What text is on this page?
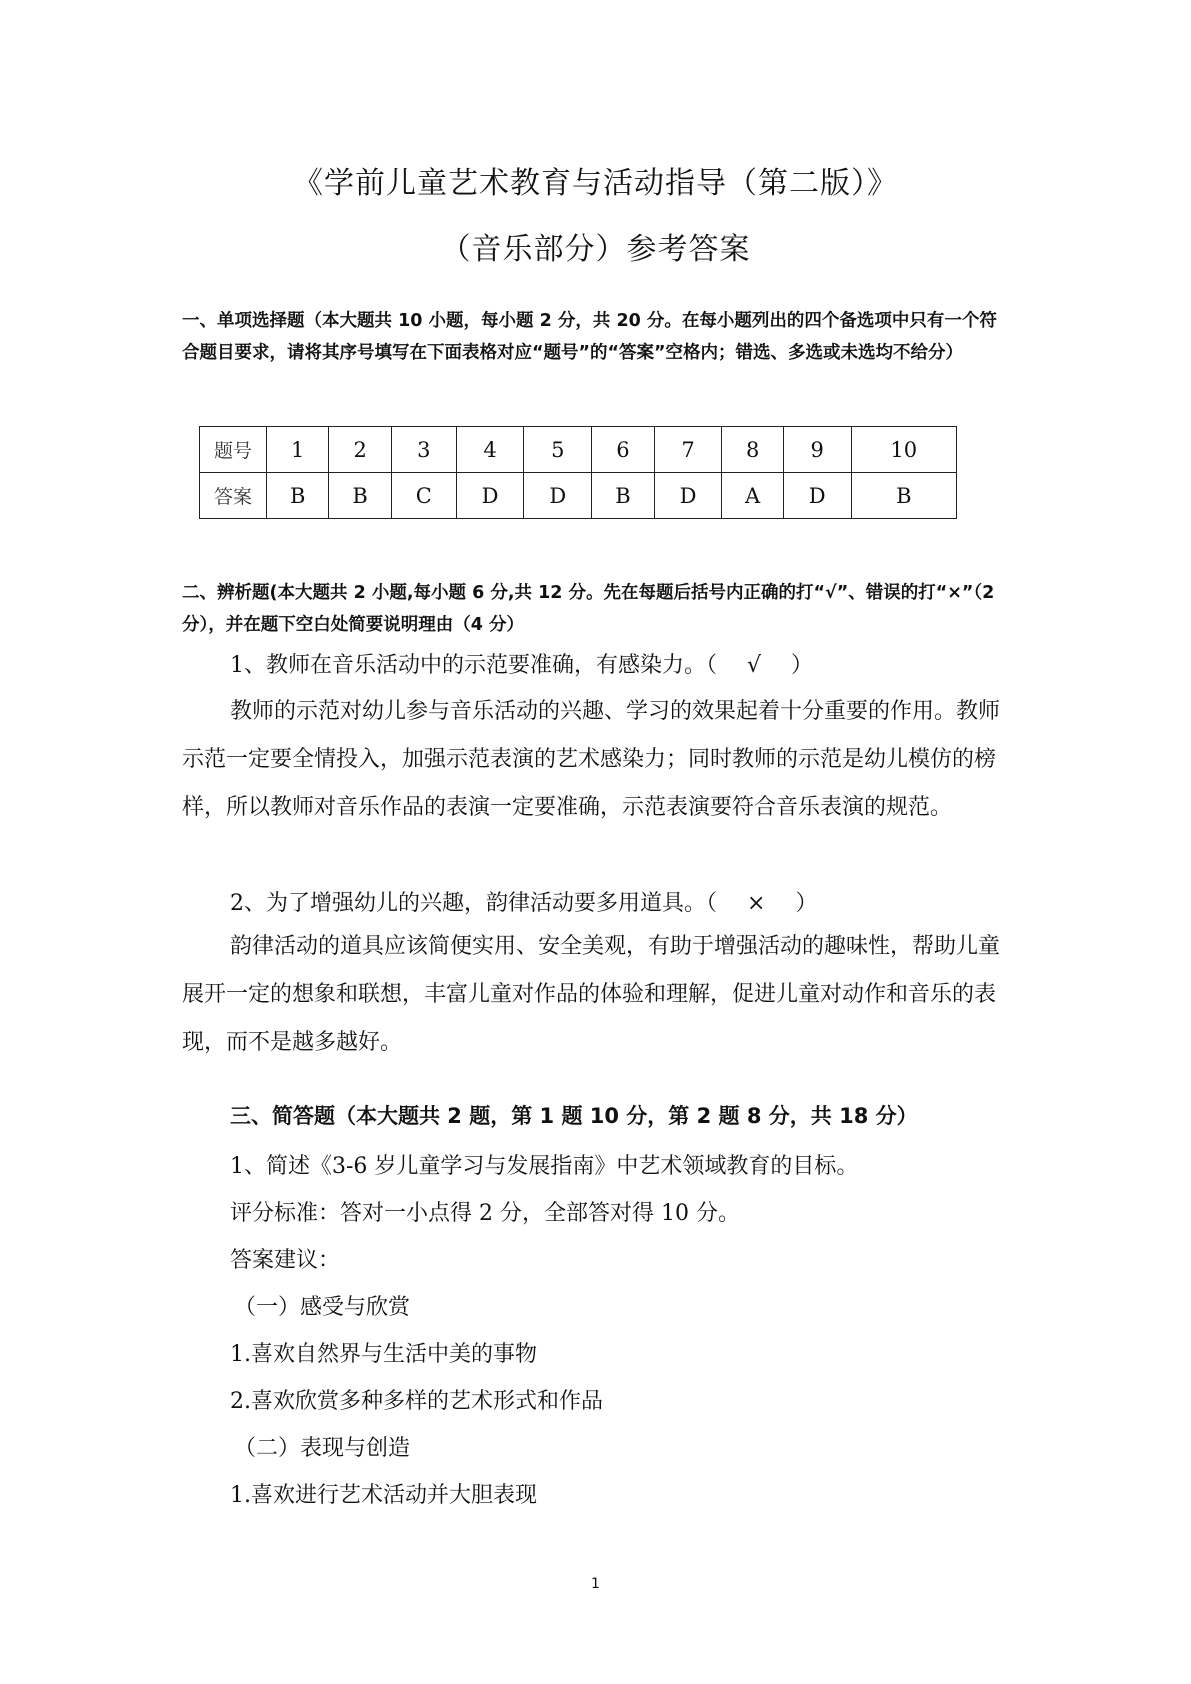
《学前儿童艺术教育与活动指导（第二版）》
（音乐部分）参考答案
一、单项选择题（本大题共 10 小题，每小题 2 分，共 20 分。在每小题列出的四个备选项中只有一个符合题目要求，请将其序号填写在下面表格对应“题号”的“答案”空格内；错选、多选或未选均不给分）
题号	1	2	3	4	5	6	7	8	9	10
答案	B	B	C	D	D	B	D	A	D	B
二、辨析题(本大题共 2 小题,每小题 6 分,共 12 分。先在每题后括号内正确的打“√”、错误的打“×”（2 分），并在题下空白处简要说明理由（4 分）
1、教师在音乐活动中的示范要准确，有感染力。（ √ ）
教师的示范对幼儿参与音乐活动的兴趣、学习的效果起着十分重要的作用。教师示范一定要全情投入，加强示范表演的艺术感染力；同时教师的示范是幼儿模仿的榜样，所以教师对音乐作品的表演一定要准确，示范表演要符合音乐表演的规范。
2、为了增强幼儿的兴趣，韵律活动要多用道具。（ × ）
韵律活动的道具应该简便实用、安全美观，有助于增强活动的趣味性，帮助儿童展开一定的想象和联想，丰富儿童对作品的体验和理解，促进儿童对动作和音乐的表现，而不是越多越好。
三、简答题（本大题共 2 题，第 1 题 10 分，第 2 题 8 分，共 18 分）
1、简述《3-6 岁儿童学习与发展指南》中艺术领域教育的目标。
评分标准：答对一小点得 2 分，全部答对得 10 分。
答案建议：
（一）感受与欣赏
1.喜欢自然界与生活中美的事物
2.喜欢欣赏多种多样的艺术形式和作品
（二）表现与创造
1.喜欢进行艺术活动并大胆表现
1
